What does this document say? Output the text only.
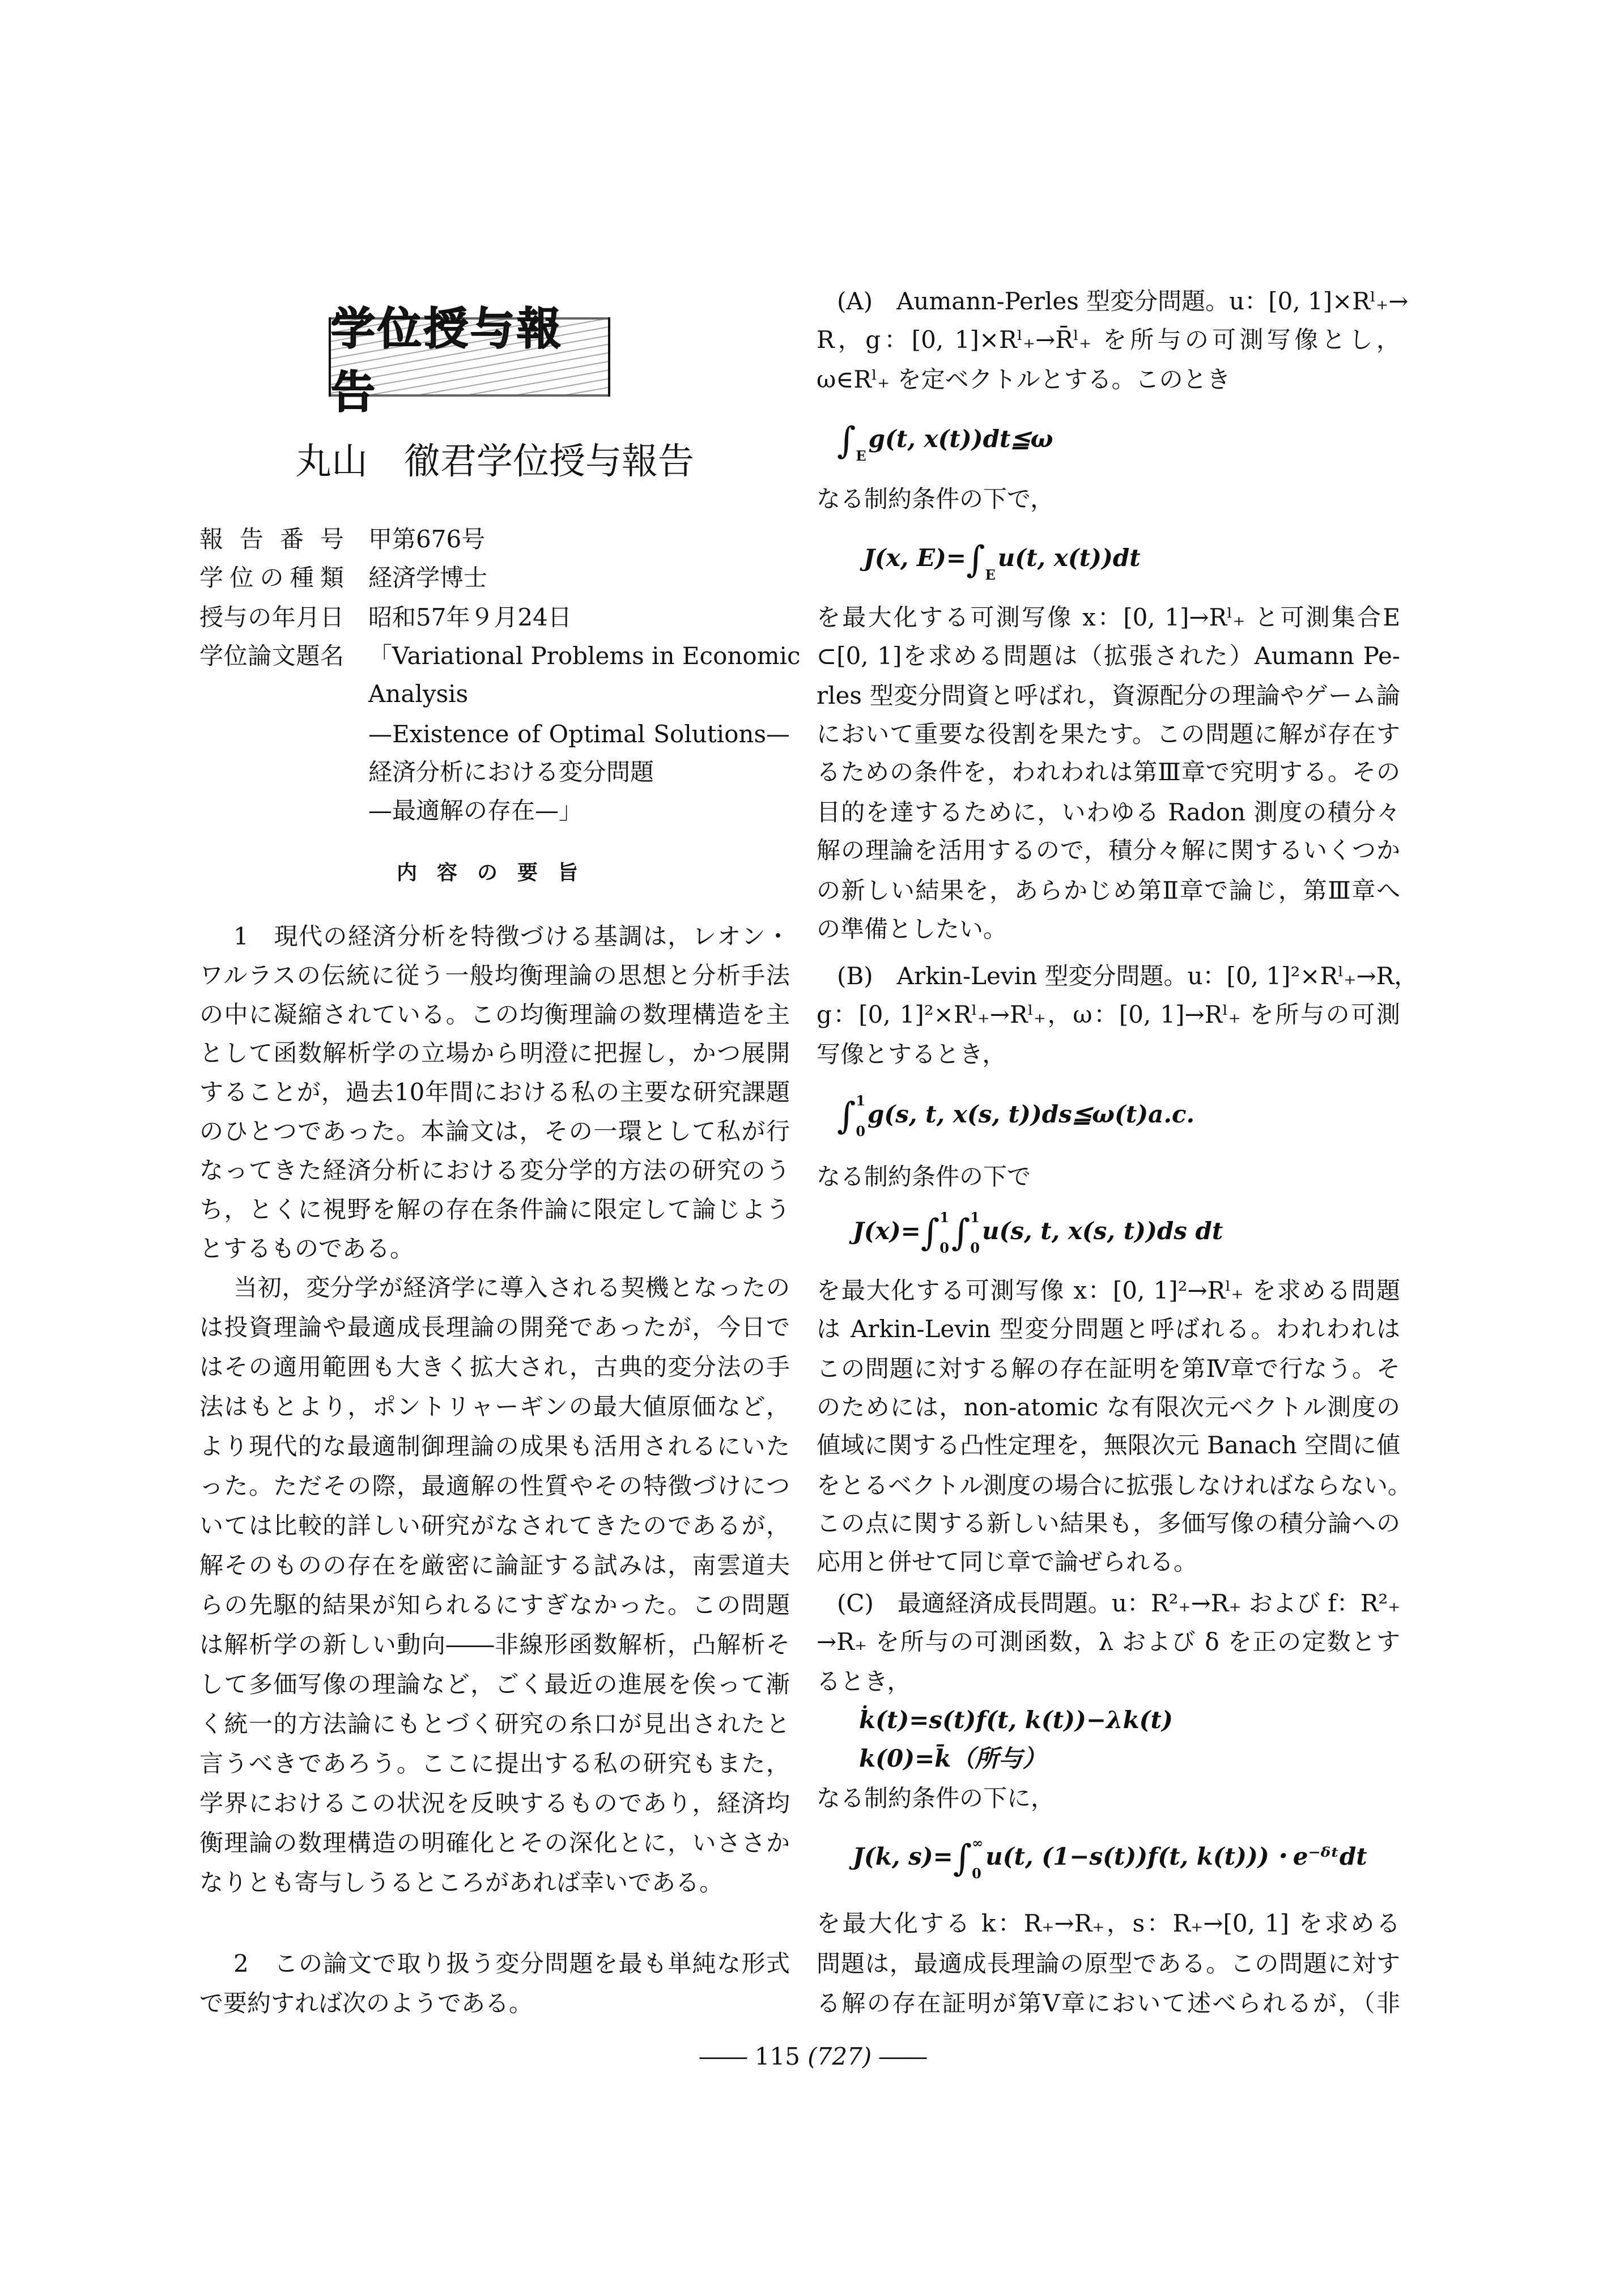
学位授与報告
丸山　徹君学位授与報告
報告番号 甲第676号
学位の種類 経済学博士
授与の年月日 昭和57年９月24日
学位論文題名 「Variational Problems in Economic
Analysis
—Existence of Optimal Solutions—
経済分析における変分問題
—最適解の存在—」
内容の要旨
1　現代の経済分析を特徴づける基調は，レオン・
ワルラスの伝統に従う一般均衡理論の思想と分析手法
の中に凝縮されている。この均衡理論の数理構造を主
として函数解析学の立場から明澄に把握し，かつ展開
することが，過去10年間における私の主要な研究課題
のひとつであった。本論文は，その一環として私が行
なってきた経済分析における変分学的方法の研究のう
ち，とくに視野を解の存在条件論に限定して論じよう
とするものである。
当初，変分学が経済学に導入される契機となったの
は投資理論や最適成長理論の開発であったが，今日で
はその適用範囲も大きく拡大され，古典的変分法の手
法はもとより，ポントリャーギンの最大値原価など，
より現代的な最適制御理論の成果も活用されるにいた
った。ただその際，最適解の性質やその特徴づけにつ
いては比較的詳しい研究がなされてきたのであるが，
解そのものの存在を厳密に論証する試みは，南雲道夫
らの先駆的結果が知られるにすぎなかった。この問題
は解析学の新しい動向――非線形函数解析，凸解析そ
して多価写像の理論など，ごく最近の進展を俟って漸
く統一的方法論にもとづく研究の糸口が見出されたと
言うべきであろう。ここに提出する私の研究もまた，
学界におけるこの状況を反映するものであり，経済均
衡理論の数理構造の明確化とその深化とに，いささか
なりとも寄与しうるところがあれば幸いである。
2　この論文で取り扱う変分問題を最も単純な形式
で要約すれば次のようである。
(A)　Aumann-Perles 型変分問題。u：[0, 1]×Rˡ₊→
R，g：[0, 1]×Rˡ₊→R̄ˡ₊ を所与の可測写像とし，
ω∈Rˡ₊ を定ベクトルとする。このとき
∫ E
g(t, x(t))dt≦ω
なる制約条件の下で，
J(x, E)=∫ E
u(t, x(t))dt
を最大化する可測写像 x：[0, 1]→Rˡ₊ と可測集合E
⊂[0, 1]を求める問題は（拡張された）Aumann Pe-
rles 型変分問資と呼ばれ，資源配分の理論やゲーム論
において重要な役割を果たす。この問題に解が存在す
るための条件を，われわれは第Ⅲ章で究明する。その
目的を達するために，いわゆる Radon 測度の積分々
解の理論を活用するので，積分々解に関するいくつか
の新しい結果を，あらかじめ第Ⅱ章で論じ，第Ⅲ章へ
の準備としたい。
(B)　Arkin-Levin 型変分問題。u：[0, 1]²×Rˡ₊→R，
g：[0, 1]²×Rˡ₊→Rˡ₊，ω：[0, 1]→Rˡ₊ を所与の可測
写像とするとき，
∫ 1
0
g(s, t, x(s, t))ds≦ω(t)a.c.
なる制約条件の下で
J(x)=∫ 1
0 ∫ 1
0
u(s, t, x(s, t))ds dt
を最大化する可測写像 x：[0, 1]²→Rˡ₊ を求める問題
は Arkin-Levin 型変分問題と呼ばれる。われわれは
この問題に対する解の存在証明を第Ⅳ章で行なう。そ
のためには，non-atomic な有限次元ベクトル測度の
値域に関する凸性定理を，無限次元 Banach 空間に値
をとるベクトル測度の場合に拡張しなければならない。
この点に関する新しい結果も，多価写像の積分論への
応用と併せて同じ章で論ぜられる。
(C)　最適経済成長問題。u：R²₊→R₊ および f：R²₊
→R₊ を所与の可測函数，λ および δ を正の定数とす
るとき，
k̇(t)=s(t)f(t, k(t))−λk(t)
k(0)=k̄（所与）
なる制約条件の下に，
J(k, s)=∫ ∞
0
u(t, (1−s(t))f(t, k(t)))・e⁻ᵟᵗdt
を最大化する k：R₊→R₊，s：R₊→[0, 1] を求める
問題は，最適成長理論の原型である。この問題に対す
る解の存在証明が第Ⅴ章において述べられるが，（非
―― 115 (727) ――
